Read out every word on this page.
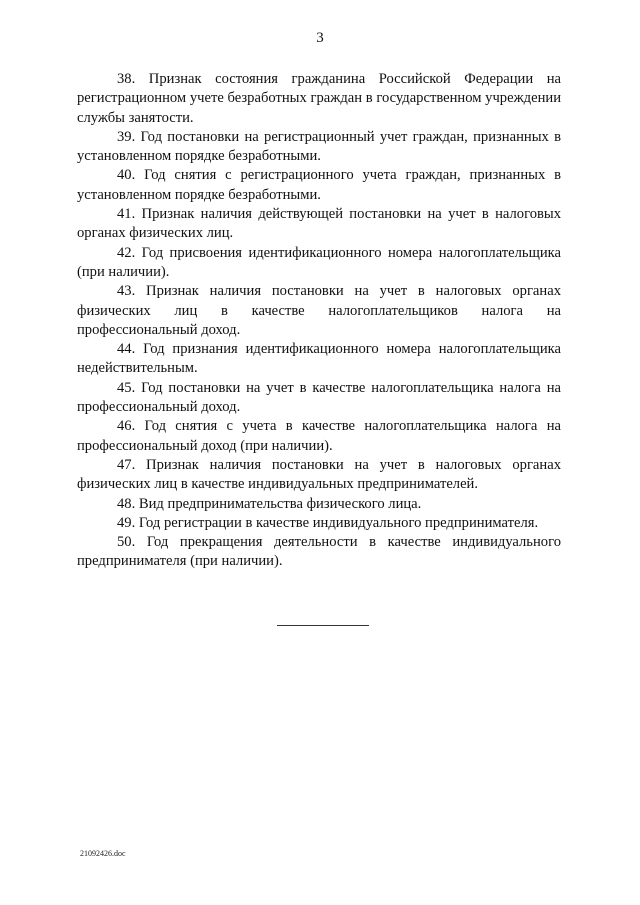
3

38. Признак состояния гражданина Российской Федерации на регистрационном учете безработных граждан в государственном учреждении службы занятости.

39. Год постановки на регистрационный учет граждан, признанных в установленном порядке безработными.

40. Год снятия с регистрационного учета граждан, признанных в установленном порядке безработными.

41. Признак наличия действующей постановки на учет в налоговых органах физических лиц.

42. Год присвоения идентификационного номера налогоплательщика (при наличии).

43. Признак наличия постановки на учет в налоговых органах физических лиц в качестве налогоплательщиков налога на профессиональный доход.

44. Год признания идентификационного номера налогоплательщика недействительным.

45. Год постановки на учет в качестве налогоплательщика налога на профессиональный доход.

46. Год снятия с учета в качестве налогоплательщика налога на профессиональный доход (при наличии).

47. Признак наличия постановки на учет в налоговых органах физических лиц в качестве индивидуальных предпринимателей.

48. Вид предпринимательства физического лица.

49. Год регистрации в качестве индивидуального предпринимателя.

50. Год прекращения деятельности в качестве индивидуального предпринимателя (при наличии).

21092426.doc
